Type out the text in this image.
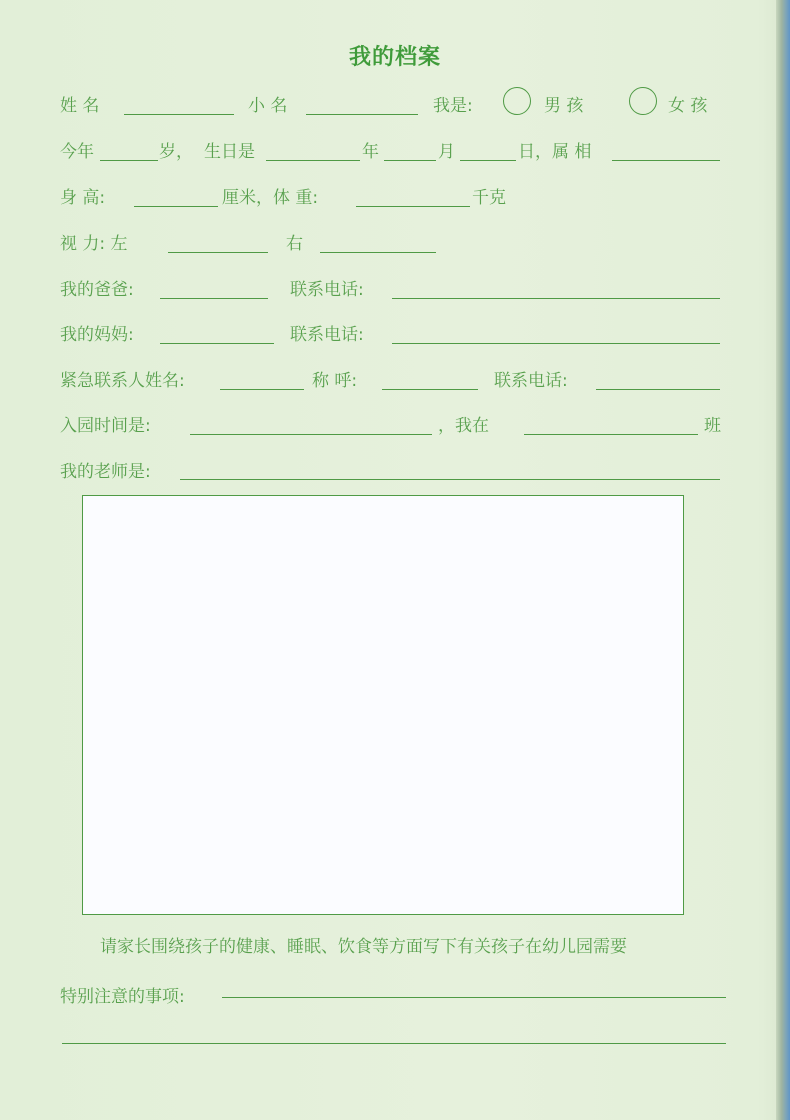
我的档案
姓 名	小 名	我是:	男 孩	女 孩
今年	岁， 生日是	年	月	日，属 相
身 高:	厘米，体 重:	千克
视 力: 左	右
我的爸爸:	联系电话:
我的妈妈:	联系电话:
紧急联系人姓名:	称 呼:	联系电话:
入园时间是:	，我在	班
我的老师是:
请家长围绕孩子的健康、睡眠、饮食等方面写下有关孩子在幼儿园需要
特别注意的事项:
